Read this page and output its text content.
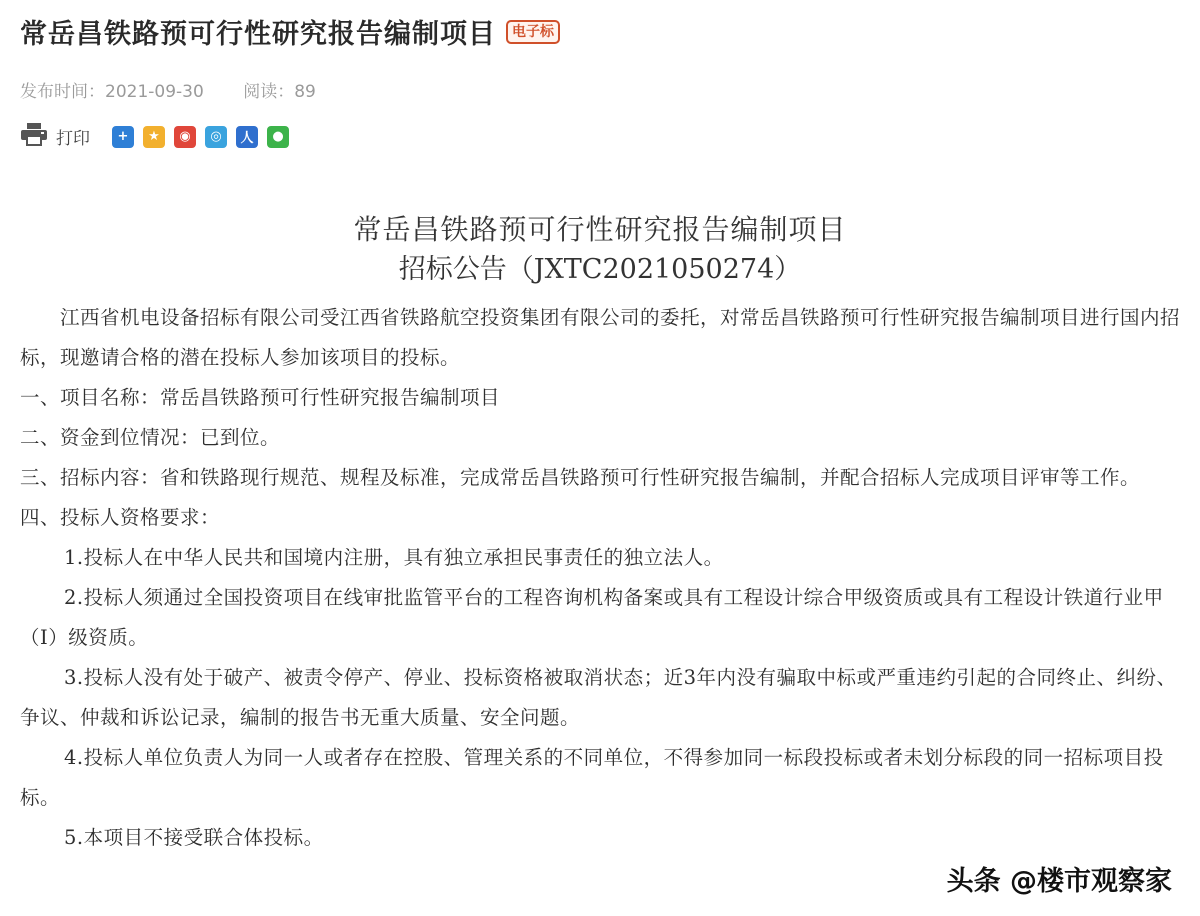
常岳昌铁路预可行性研究报告编制项目	电子标
发布时间：2021-09-30 阅读：89
打印	+	★	◉	◎	人	●
常岳昌铁路预可行性研究报告编制项目
招标公告（JXTC2021050274）
江西省机电设备招标有限公司受江西省铁路航空投资集团有限公司的委托，对常岳昌铁路预可行性研究报告编制项目进行国内招标，现邀请合格的潜在投标人参加该项目的投标。
一、项目名称：常岳昌铁路预可行性研究报告编制项目
二、资金到位情况：已到位。
三、招标内容：省和铁路现行规范、规程及标准，完成常岳昌铁路预可行性研究报告编制，并配合招标人完成项目评审等工作。
四、投标人资格要求：
1.投标人在中华人民共和国境内注册，具有独立承担民事责任的独立法人。
2.投标人须通过全国投资项目在线审批监管平台的工程咨询机构备案或具有工程设计综合甲级资质或具有工程设计铁道行业甲（Ⅰ）级资质。
3.投标人没有处于破产、被责令停产、停业、投标资格被取消状态；近3年内没有骗取中标或严重违约引起的合同终止、纠纷、争议、仲裁和诉讼记录，编制的报告书无重大质量、安全问题。
4.投标人单位负责人为同一人或者存在控股、管理关系的不同单位，不得参加同一标段投标或者未划分标段的同一招标项目投标。
5.本项目不接受联合体投标。
头条 @楼市观察家
